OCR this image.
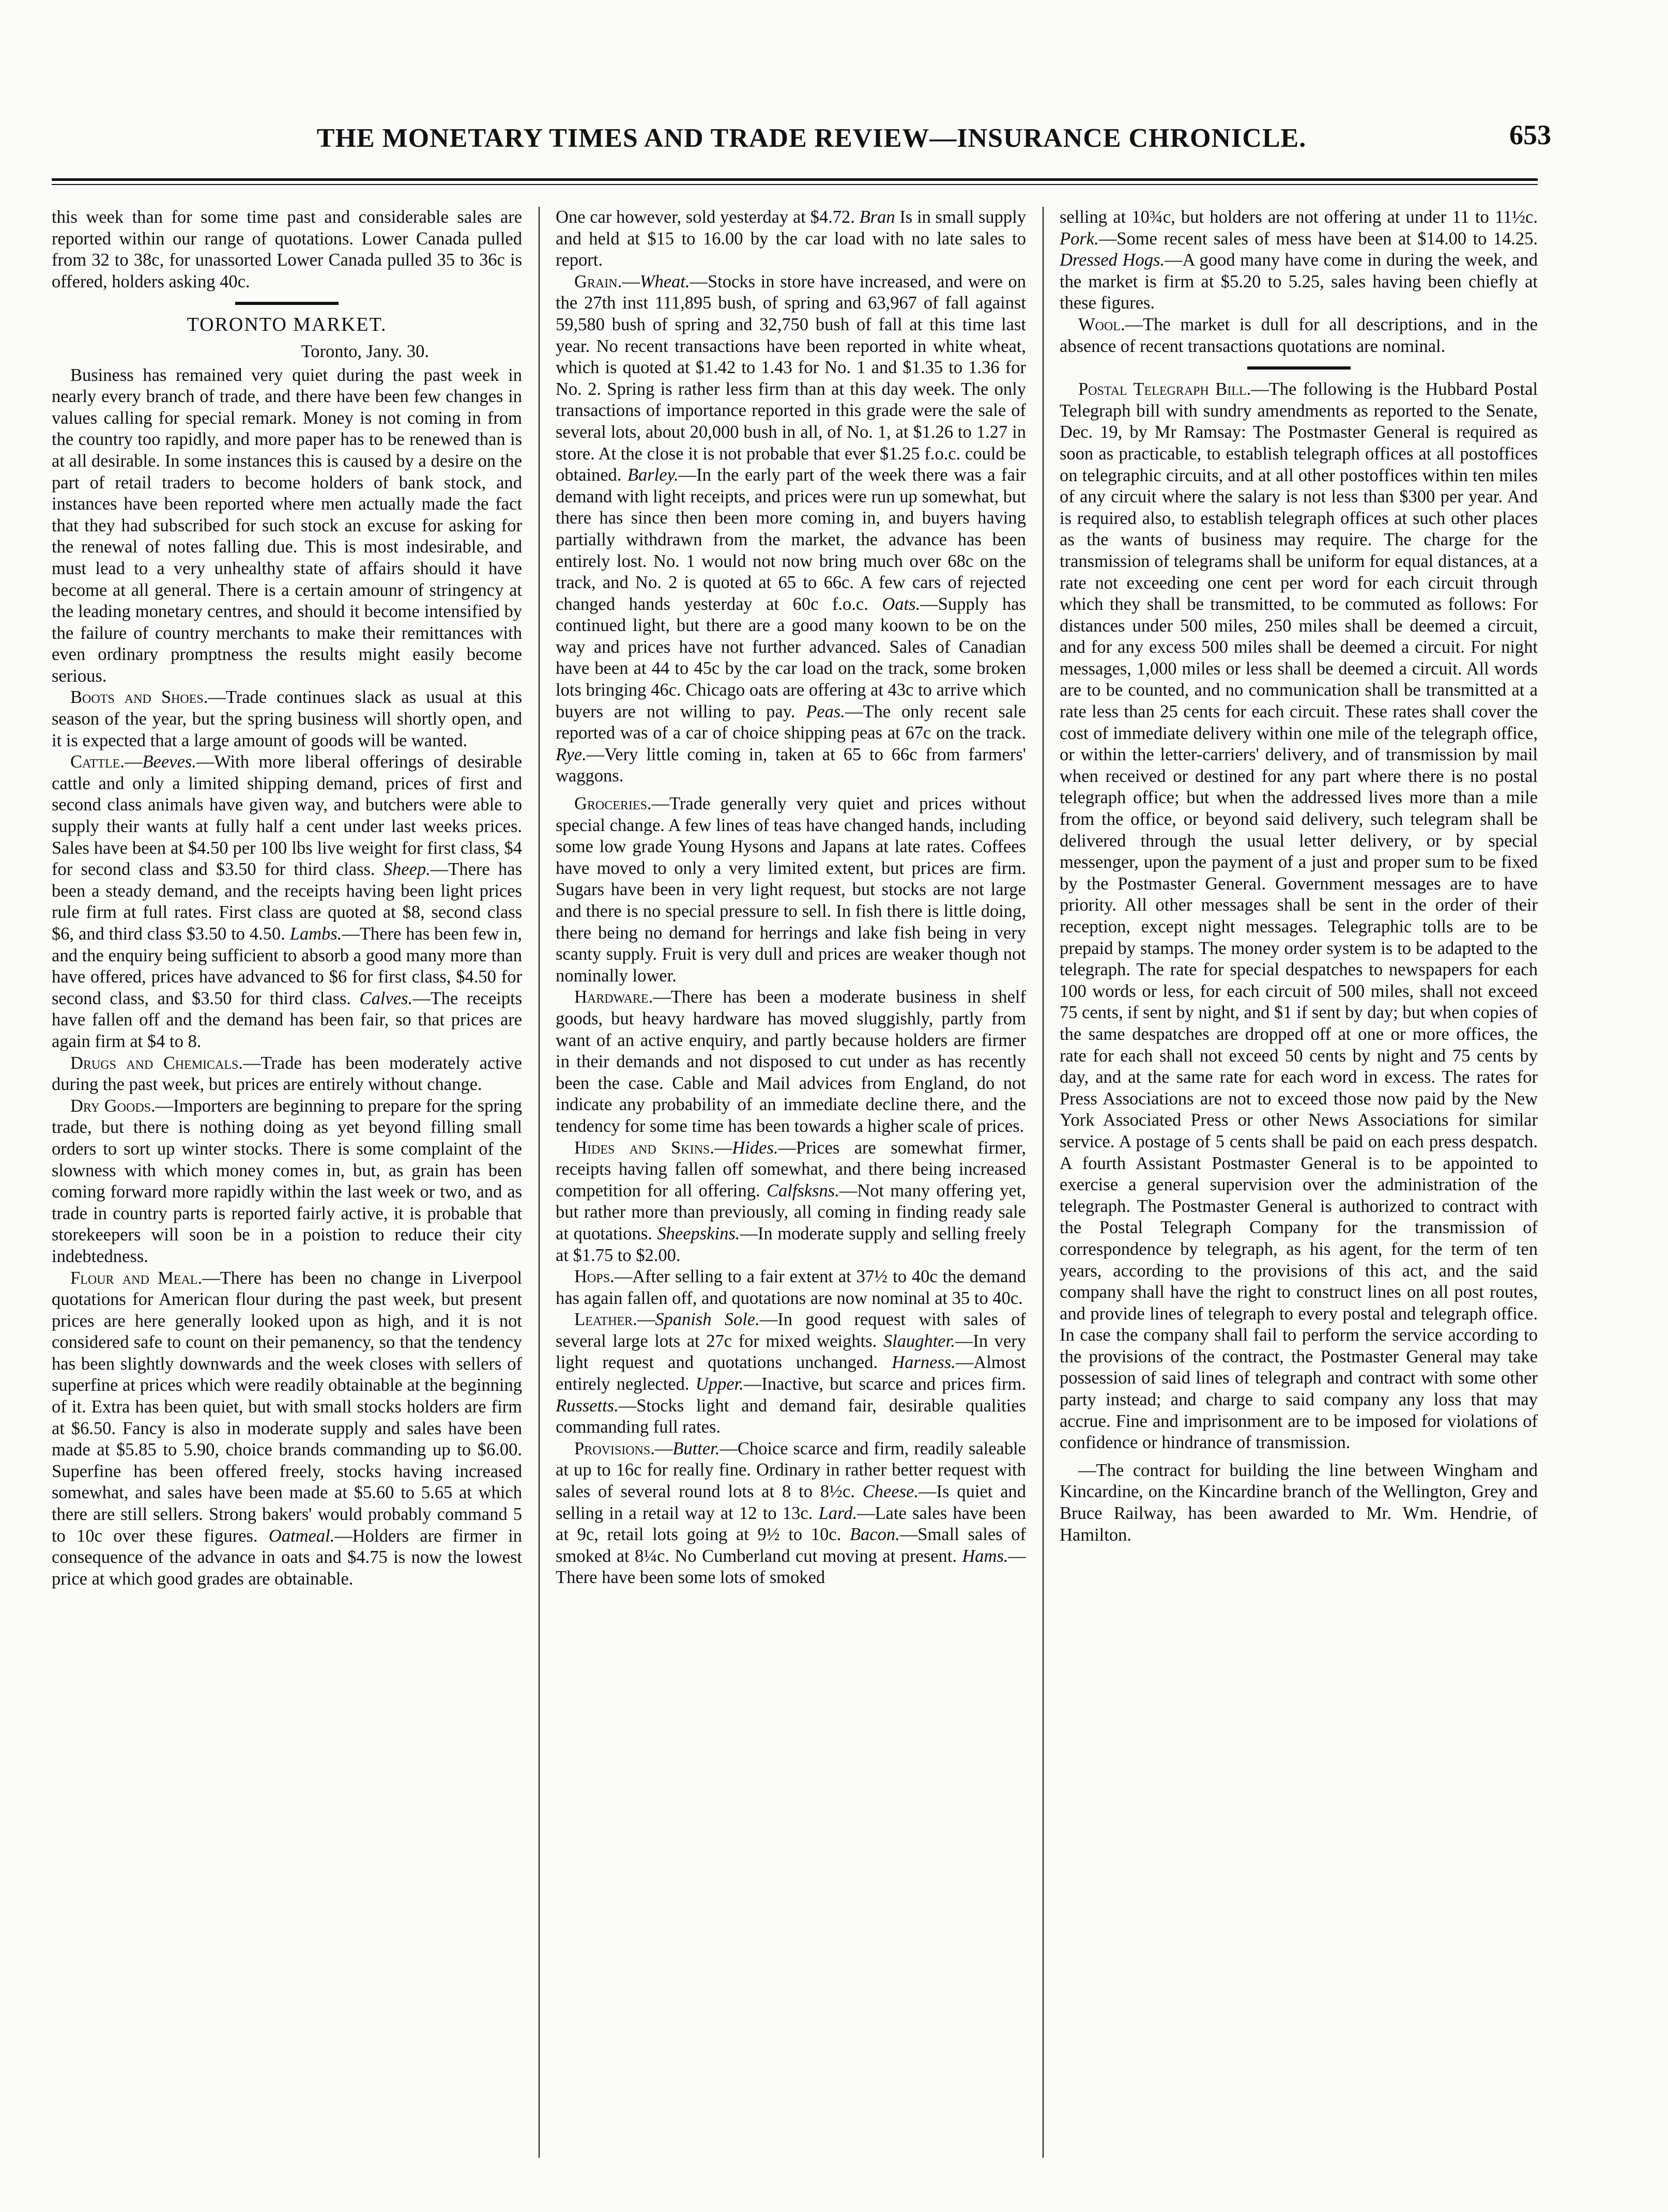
THE MONETARY TIMES AND TRADE REVIEW—INSURANCE CHRONICLE.	653

this week than for some time past and considerable sales are reported within our range of quotations. Lower Canada pulled from 32 to 38c, for unassorted Lower Canada pulled 35 to 36c is offered, holders asking 40c.

TORONTO MARKET.
Toronto, Jany. 30.

Business has remained very quiet during the past week in nearly every branch of trade, and there have been few changes in values calling for special remark. Money is not coming in from the country too rapidly, and more paper has to be renewed than is at all desirable. In some instances this is caused by a desire on the part of retail traders to become holders of bank stock, and instances have been reported where men actually made the fact that they had subscribed for such stock an excuse for asking for the renewal of notes falling due. This is most indesirable, and must lead to a very unhealthy state of affairs should it have become at all general. There is a certain amounr of stringency at the leading monetary centres, and should it become intensified by the failure of country merchants to make their remittances with even ordinary promptness the results might easily become serious.

Boots and Shoes.—Trade continues slack as usual at this season of the year, but the spring business will shortly open, and it is expected that a large amount of goods will be wanted.

Cattle.—Beeves.—With more liberal offerings of desirable cattle and only a limited shipping demand, prices of first and second class animals have given way, and butchers were able to supply their wants at fully half a cent under last weeks prices. Sales have been at $4.50 per 100 lbs live weight for first class, $4 for second class and $3.50 for third class. Sheep.—There has been a steady demand, and the receipts having been light prices rule firm at full rates. First class are quoted at $8, second class $6, and third class $3.50 to 4.50. Lambs.—There has been few in, and the enquiry being sufficient to absorb a good many more than have offered, prices have advanced to $6 for first class, $4.50 for second class, and $3.50 for third class. Calves.—The receipts have fallen off and the demand has been fair, so that prices are again firm at $4 to 8.

Drugs and Chemicals.—Trade has been moderately active during the past week, but prices are entirely without change.

Dry Goods.—Importers are beginning to prepare for the spring trade, but there is nothing doing as yet beyond filling small orders to sort up winter stocks. There is some complaint of the slowness with which money comes in, but, as grain has been coming forward more rapidly within the last week or two, and as trade in country parts is reported fairly active, it is probable that storekeepers will soon be in a poistion to reduce their city indebtedness.

Flour and Meal.—There has been no change in Liverpool quotations for American flour during the past week, but present prices are here generally looked upon as high, and it is not considered safe to count on their pemanency, so that the tendency has been slightly downwards and the week closes with sellers of superfine at prices which were readily obtainable at the beginning of it. Extra has been quiet, but with small stocks holders are firm at $6.50. Fancy is also in moderate supply and sales have been made at $5.85 to 5.90, choice brands commanding up to $6.00. Superfine has been offered freely, stocks having increased somewhat, and sales have been made at $5.60 to 5.65 at which there are still sellers. Strong bakers' would probably command 5 to 10c over these figures. Oatmeal.—Holders are firmer in consequence of the advance in oats and $4.75 is now the lowest price at which good grades are obtainable.

One car however, sold yesterday at $4.72. Bran Is in small supply and held at $15 to 16.00 by the car load with no late sales to report.

Grain.—Wheat.—Stocks in store have increased, and were on the 27th inst 111,895 bush, of spring and 63,967 of fall against 59,580 bush of spring and 32,750 bush of fall at this time last year. No recent transactions have been reported in white wheat, which is quoted at $1.42 to 1.43 for No. 1 and $1.35 to 1.36 for No. 2. Spring is rather less firm than at this day week. The only transactions of importance reported in this grade were the sale of several lots, about 20,000 bush in all, of No. 1, at $1.26 to 1.27 in store. At the close it is not probable that ever $1.25 f.o.c. could be obtained. Barley.—In the early part of the week there was a fair demand with light receipts, and prices were run up somewhat, but there has since then been more coming in, and buyers having partially withdrawn from the market, the advance has been entirely lost. No. 1 would not now bring much over 68c on the track, and No. 2 is quoted at 65 to 66c. A few cars of rejected changed hands yesterday at 60c f.o.c. Oats.—Supply has continued light, but there are a good many koown to be on the way and prices have not further advanced. Sales of Canadian have been at 44 to 45c by the car load on the track, some broken lots bringing 46c. Chicago oats are offering at 43c to arrive which buyers are not willing to pay. Peas.—The only recent sale reported was of a car of choice shipping peas at 67c on the track. Rye.—Very little coming in, taken at 65 to 66c from farmers' waggons.

Groceries.—Trade generally very quiet and prices without special change. A few lines of teas have changed hands, including some low grade Young Hysons and Japans at late rates. Coffees have moved to only a very limited extent, but prices are firm. Sugars have been in very light request, but stocks are not large and there is no special pressure to sell. In fish there is little doing, there being no demand for herrings and lake fish being in very scanty supply. Fruit is very dull and prices are weaker though not nominally lower.

Hardware.—There has been a moderate business in shelf goods, but heavy hardware has moved sluggishly, partly from want of an active enquiry, and partly because holders are firmer in their demands and not disposed to cut under as has recently been the case. Cable and Mail advices from England, do not indicate any probability of an immediate decline there, and the tendency for some time has been towards a higher scale of prices.

Hides and Skins.—Hides.—Prices are somewhat firmer, receipts having fallen off somewhat, and there being increased competition for all offering. Calfsksns.—Not many offering yet, but rather more than previously, all coming in finding ready sale at quotations. Sheepskins.—In moderate supply and selling freely at $1.75 to $2.00.

Hops.—After selling to a fair extent at 37½ to 40c the demand has again fallen off, and quotations are now nominal at 35 to 40c.

Leather.—Spanish Sole.—In good request with sales of several large lots at 27c for mixed weights. Slaughter.—In very light request and quotations unchanged. Harness.—Almost entirely neglected. Upper.—Inactive, but scarce and prices firm. Russetts.—Stocks light and demand fair, desirable qualities commanding full rates.

Provisions.—Butter.—Choice scarce and firm, readily saleable at up to 16c for really fine. Ordinary in rather better request with sales of several round lots at 8 to 8½c. Cheese.—Is quiet and selling in a retail way at 12 to 13c. Lard.—Late sales have been at 9c, retail lots going at 9½ to 10c. Bacon.—Small sales of smoked at 8¼c. No Cumberland cut moving at present. Hams.—There have been some lots of smoked

selling at 10¾c, but holders are not offering at under 11 to 11½c. Pork.—Some recent sales of mess have been at $14.00 to 14.25. Dressed Hogs.—A good many have come in during the week, and the market is firm at $5.20 to 5.25, sales having been chiefly at these figures.

Wool.—The market is dull for all descriptions, and in the absence of recent transactions quotations are nominal.

Postal Telegraph Bill.—The following is the Hubbard Postal Telegraph bill with sundry amendments as reported to the Senate, Dec. 19, by Mr Ramsay: The Postmaster General is required as soon as practicable, to establish telegraph offices at all postoffices on telegraphic circuits, and at all other postoffices within ten miles of any circuit where the salary is not less than $300 per year. And is required also, to establish telegraph offices at such other places as the wants of business may require. The charge for the transmission of telegrams shall be uniform for equal distances, at a rate not exceeding one cent per word for each circuit through which they shall be transmitted, to be commuted as follows: For distances under 500 miles, 250 miles shall be deemed a circuit, and for any excess 500 miles shall be deemed a circuit. For night messages, 1,000 miles or less shall be deemed a circuit. All words are to be counted, and no communication shall be transmitted at a rate less than 25 cents for each circuit. These rates shall cover the cost of immediate delivery within one mile of the telegraph office, or within the letter-carriers' delivery, and of transmission by mail when received or destined for any part where there is no postal telegraph office; but when the addressed lives more than a mile from the office, or beyond said delivery, such telegram shall be delivered through the usual letter delivery, or by special messenger, upon the payment of a just and proper sum to be fixed by the Postmaster General. Government messages are to have priority. All other messages shall be sent in the order of their reception, except night messages. Telegraphic tolls are to be prepaid by stamps. The money order system is to be adapted to the telegraph. The rate for special despatches to newspapers for each 100 words or less, for each circuit of 500 miles, shall not exceed 75 cents, if sent by night, and $1 if sent by day; but when copies of the same despatches are dropped off at one or more offices, the rate for each shall not exceed 50 cents by night and 75 cents by day, and at the same rate for each word in excess. The rates for Press Associations are not to exceed those now paid by the New York Associated Press or other News Associations for similar service. A postage of 5 cents shall be paid on each press despatch. A fourth Assistant Postmaster General is to be appointed to exercise a general supervision over the administration of the telegraph. The Postmaster General is authorized to contract with the Postal Telegraph Company for the transmission of correspondence by telegraph, as his agent, for the term of ten years, according to the provisions of this act, and the said company shall have the right to construct lines on all post routes, and provide lines of telegraph to every postal and telegraph office. In case the company shall fail to perform the service according to the provisions of the contract, the Postmaster General may take possession of said lines of telegraph and contract with some other party instead; and charge to said company any loss that may accrue. Fine and imprisonment are to be imposed for violations of confidence or hindrance of transmission.

—The contract for building the line between Wingham and Kincardine, on the Kincardine branch of the Wellington, Grey and Bruce Railway, has been awarded to Mr. Wm. Hendrie, of Hamilton.
